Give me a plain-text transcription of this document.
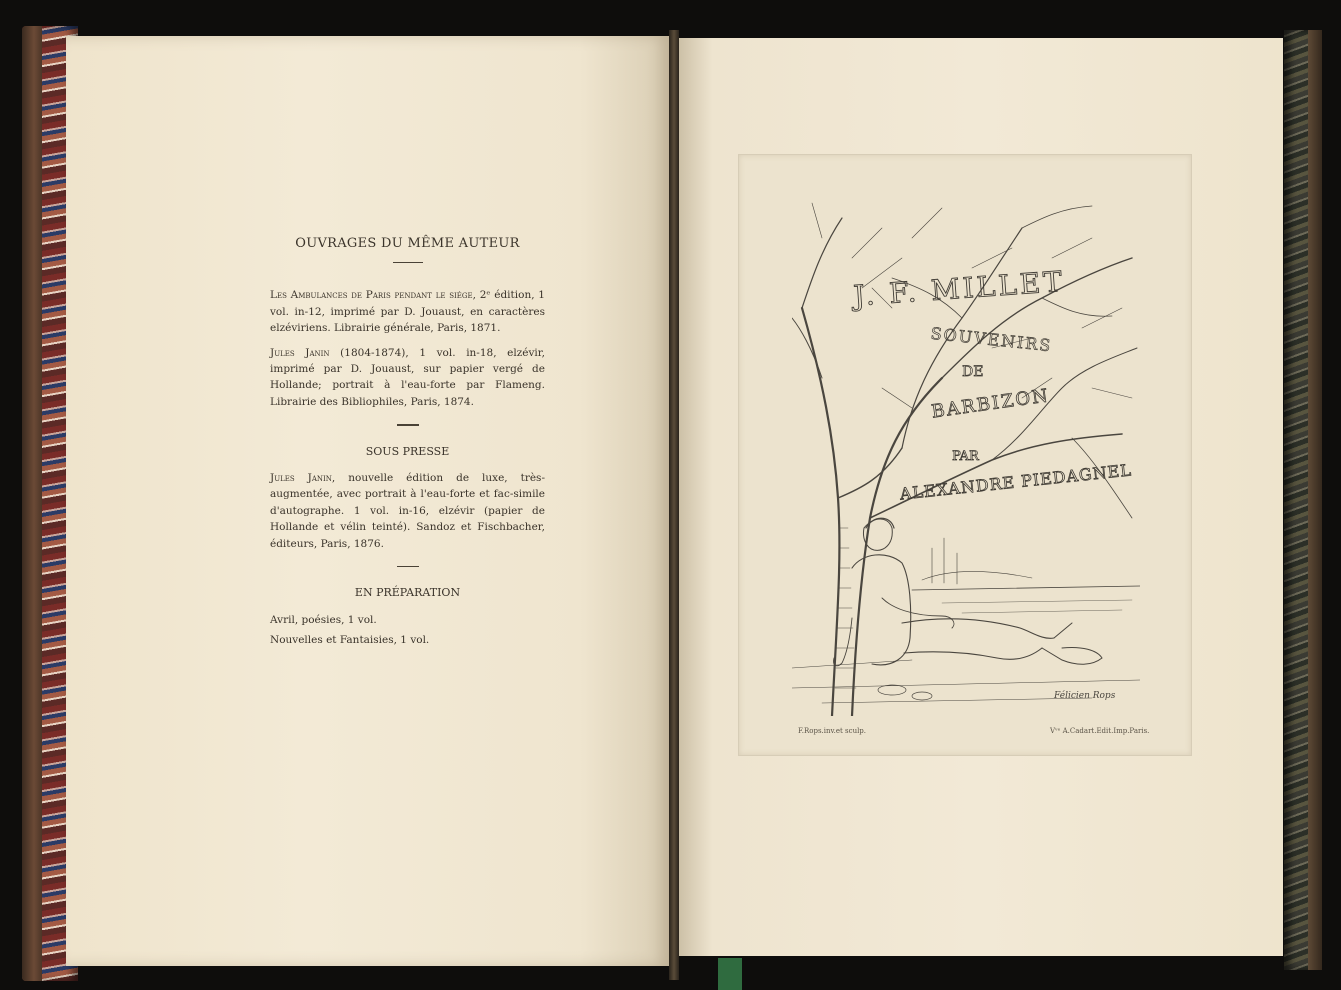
OUVRAGES DU MÊME AUTEUR

Les Ambulances de Paris pendant le siége, 2ᵉ édition, 1 vol. in-12, imprimé par D. Jouaust, en caractères elzéviriens. Librairie générale, Paris, 1871.

Jules Janin (1804-1874), 1 vol. in-18, elzévir, imprimé par D. Jouaust, sur papier vergé de Hollande; portrait à l'eau-forte par Flameng. Librairie des Bibliophiles, Paris, 1874.

SOUS PRESSE

Jules Janin, nouvelle édition de luxe, très-augmentée, avec portrait à l'eau-forte et fac-simile d'autographe. 1 vol. in-16, elzévir (papier de Hollande et vélin teinté). Sandoz et Fischbacher, éditeurs, Paris, 1876.

EN PRÉPARATION

Avril, poésies, 1 vol.

Nouvelles et Fantaisies, 1 vol.

J. F. MILLET
SOUVENIRS
DE
BARBIZON
PAR
ALEXANDRE PIEDAGNEL
Félicien Rops
F.Rops.inv.et sculp.	Vᵛᵉ A.Cadart.Edit.Imp.Paris.
